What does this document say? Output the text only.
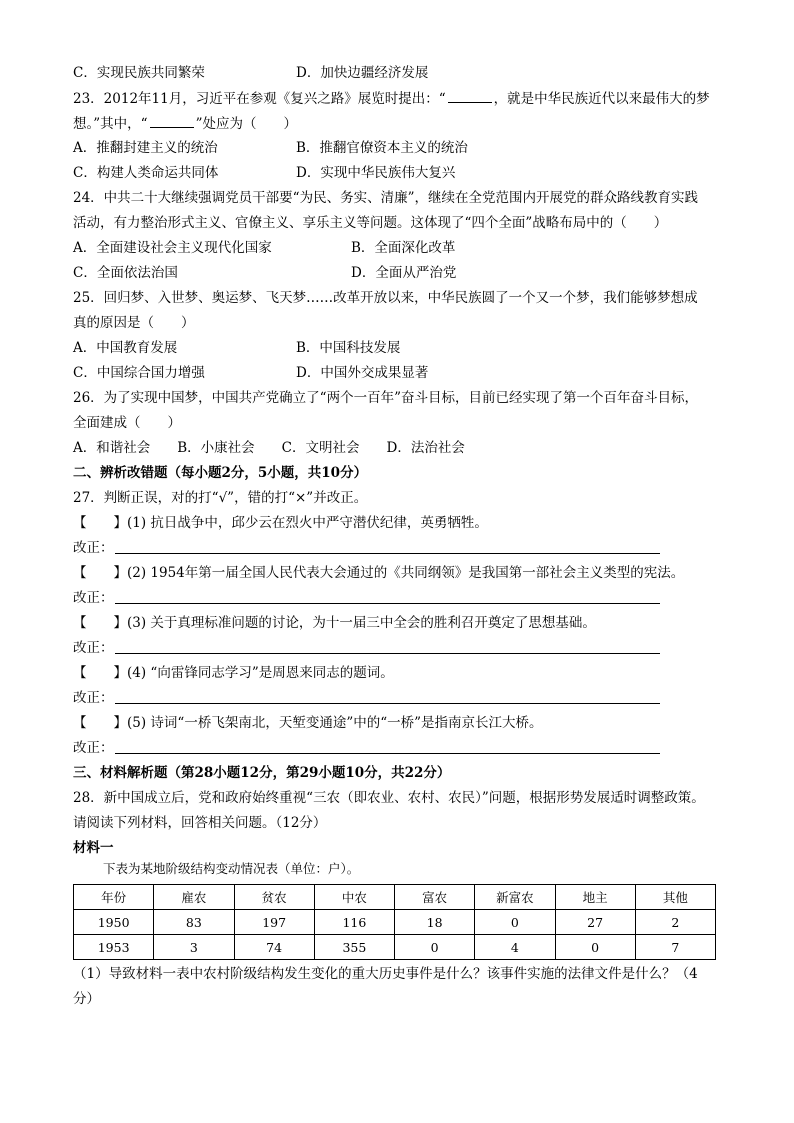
C．实现民族共同繁荣	D．加快边疆经济发展
23．2012年11月，习近平在参观《复兴之路》展览时提出：“	，就是中华民族近代以来最伟大的梦
想。”其中，“	”处应为（　　）
A．推翻封建主义的统治	B．推翻官僚资本主义的统治
C．构建人类命运共同体	D．实现中华民族伟大复兴
24．中共二十大继续强调党员干部要“为民、务实、清廉”，继续在全党范围内开展党的群众路线教育实践
活动，有力整治形式主义、官僚主义、享乐主义等问题。这体现了“四个全面”战略布局中的（　　）
A．全面建设社会主义现代化国家	B．全面深化改革
C．全面依法治国	D．全面从严治党
25．回归梦、入世梦、奥运梦、飞天梦……改革开放以来，中华民族圆了一个又一个梦，我们能够梦想成
真的原因是（　　）
A．中国教育发展	B．中国科技发展
C．中国综合国力增强	D．中国外交成果显著
26．为了实现中国梦，中国共产党确立了“两个一百年”奋斗目标，目前已经实现了第一个百年奋斗目标，
全面建成（　　）
A．和谐社会　　B．小康社会　　C．文明社会　　D．法治社会
二、辨析改错题（每小题2分，5小题，共10分）
27．判断正误，对的打“√”，错的打“×”并改正。
【　　】(1) 抗日战争中，邱少云在烈火中严守潜伏纪律，英勇牺牲。
改正：
【　　】(2) 1954年第一届全国人民代表大会通过的《共同纲领》是我国第一部社会主义类型的宪法。
改正：
【　　】(3) 关于真理标准问题的讨论，为十一届三中全会的胜利召开奠定了思想基础。
改正：
【　　】(4) “向雷锋同志学习”是周恩来同志的题词。
改正：
【　　】(5) 诗词“一桥飞架南北，天堑变通途”中的“一桥”是指南京长江大桥。
改正：
三、材料解析题（第28小题12分，第29小题10分，共22分）
28．新中国成立后，党和政府始终重视“三农（即农业、农村、农民）”问题，根据形势发展适时调整政策。
请阅读下列材料，回答相关问题。（12分）
材料一
下表为某地阶级结构变动情况表（单位：户）。
年份	雇农	贫农	中农	富农	新富农	地主	其他
1950	83	197	116	18	0	27	2
1953	3	74	355	0	4	0	7
（1）导致材料一表中农村阶级结构发生变化的重大历史事件是什么？该事件实施的法律文件是什么？（4
分）
